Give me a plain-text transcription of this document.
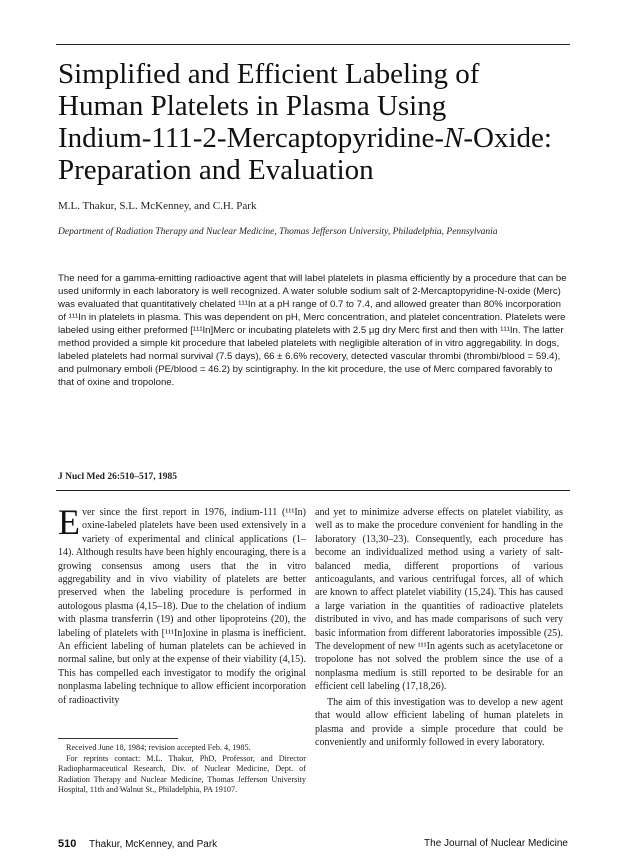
Simplified and Efficient Labeling of
Human Platelets in Plasma Using
Indium-111-2-Mercaptopyridine-N-Oxide:
Preparation and Evaluation
M.L. Thakur, S.L. McKenney, and C.H. Park
Department of Radiation Therapy and Nuclear Medicine, Thomas Jefferson University, Philadelphia, Pennsylvania

The need for a gamma-emitting radioactive agent that will label platelets in plasma efficiently by a procedure that can be used uniformly in each laboratory is well recognized. A water soluble sodium salt of 2-Mercaptopyridine-N-oxide (Merc) was evaluated that quantitatively chelated ¹¹¹In at a pH range of 0.7 to 7.4, and allowed greater than 80% incorporation of ¹¹¹In in platelets in plasma. This was dependent on pH, Merc concentration, and platelet concentration. Platelets were labeled using either preformed [¹¹¹In]Merc or incubating platelets with 2.5 µg dry Merc first and then with ¹¹¹In. The latter method provided a simple kit procedure that labeled platelets with negligible alteration of in vitro aggregability. In dogs, labeled platelets had normal survival (7.5 days), 66 ± 6.6% recovery, detected vascular thrombi (thrombi/blood = 59.4), and pulmonary emboli (PE/blood = 46.2) by scintigraphy. In the kit procedure, the use of Merc compared favorably to that of oxine and tropolone.

J Nucl Med 26:510–517, 1985
E ver since the first report in 1976, indium-111 (¹¹¹In) oxine-labeled platelets have been used extensively in a variety of experimental and clinical applications (1–14). Although results have been highly encouraging, there is a growing consensus among users that the in vitro aggregability and in vivo viability of platelets are better preserved when the labeling procedure is performed in autologous plasma (4,15–18). Due to the chelation of indium with plasma transferrin (19) and other lipoproteins (20), the labeling of platelets with [¹¹¹In]oxine in plasma is inefficient. An efficient labeling of human platelets can be achieved in normal saline, but only at the expense of their viability (4,15). This has compelled each investigator to modify the original nonplasma labeling technique to allow efficient incorporation of radioactivity

Received June 18, 1984; revision accepted Feb. 4, 1985.

For reprints contact: M.L. Thakur, PhD, Professor, and Director Radiopharmaceutical Research, Div. of Nuclear Medicine, Dept. of Radiation Therapy and Nuclear Medicine, Thomas Jefferson University Hospital, 11th and Walnut St., Philadelphia, PA 19107.

and yet to minimize adverse effects on platelet viability, as well as to make the procedure convenient for handling in the laboratory (13,30–23). Consequently, each procedure has become an individualized method using a variety of salt-balanced media, different proportions of various anticoagulants, and various centrifugal forces, all of which are known to affect platelet viability (15,24). This has caused a large variation in the quantities of radioactive platelets distributed in vivo, and has made comparisons of such very basic information from different laboratories impossible (25). The development of new ¹¹¹In agents such as acetylacetone or tropolone has not solved the problem since the use of a nonplasma medium is still reported to be desirable for an efficient cell labeling (17,18,26).

The aim of this investigation was to develop a new agent that would allow efficient labeling of human platelets in plasma and provide a simple procedure that could be conveniently and uniformly followed in every laboratory.

510 Thakur, McKenney, and Park	The Journal of Nuclear Medicine
